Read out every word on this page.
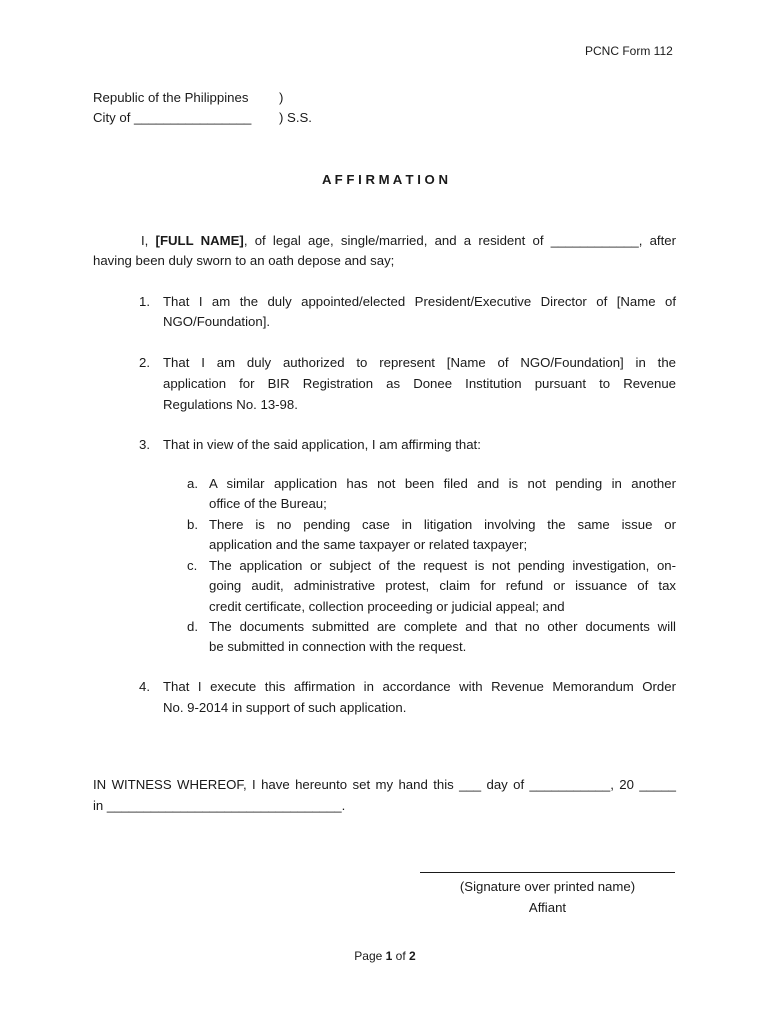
PCNC Form 112
Republic of the Philippines )
City of ________________ ) S.S.
A F F I R M A T I O N
I, [FULL NAME], of legal age, single/married, and a resident of ____________, after
having been duly sworn to an oath depose and say;
1. That I am the duly appointed/elected President/Executive Director of [Name of
NGO/Foundation].
2. That I am duly authorized to represent [Name of NGO/Foundation] in the
application for BIR Registration as Donee Institution pursuant to Revenue
Regulations No. 13-98.
3. That in view of the said application, I am affirming that:
a. A similar application has not been filed and is not pending in another
office of the Bureau;
b. There is no pending case in litigation involving the same issue or
application and the same taxpayer or related taxpayer;
c. The application or subject of the request is not pending investigation, on-
going audit, administrative protest, claim for refund or issuance of tax
credit certificate, collection proceeding or judicial appeal; and
d. The documents submitted are complete and that no other documents will
be submitted in connection with the request.
4. That I execute this affirmation in accordance with Revenue Memorandum Order
No. 9-2014 in support of such application.
IN WITNESS WHEREOF, I have hereunto set my hand this ___ day of ___________, 20 _____
in ________________________________.
(Signature over printed name)
Affiant
Page 1 of 2
